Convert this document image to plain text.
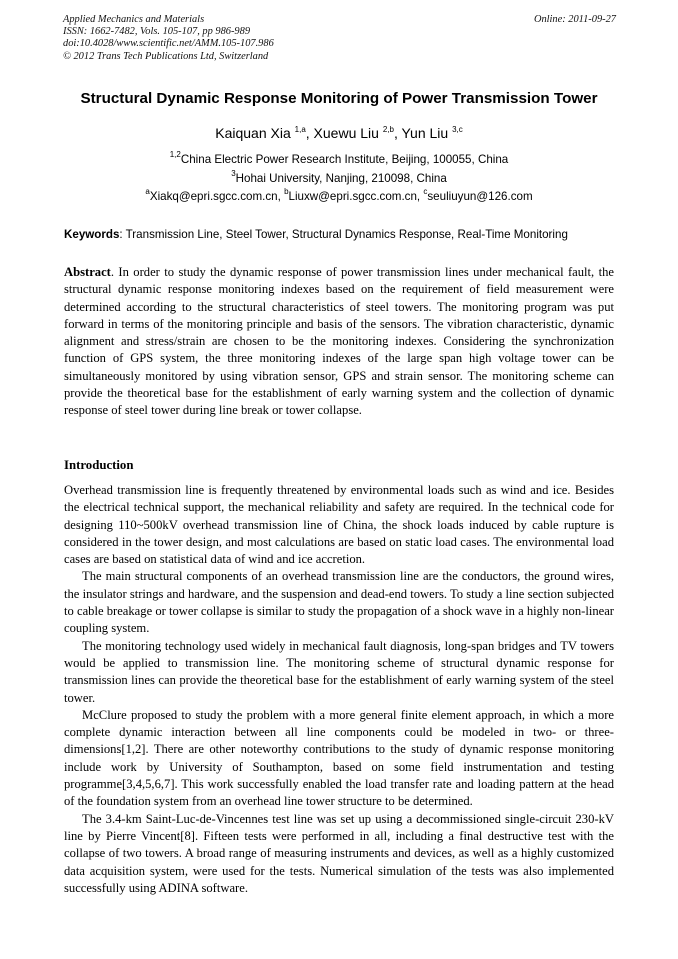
Applied Mechanics and Materials
ISSN: 1662-7482, Vols. 105-107, pp 986-989
doi:10.4028/www.scientific.net/AMM.105-107.986
© 2012 Trans Tech Publications Ltd, Switzerland
Online: 2011-09-27
Structural Dynamic Response Monitoring of Power Transmission Tower
Kaiquan Xia $^{1,a}$, Xuewu Liu $^{2,b}$, Yun Liu $^{3,c}$
$^{1,2}$China Electric Power Research Institute, Beijing, 100055, China
$^3$Hohai University, Nanjing, 210098, China
$^a$Xiakq@epri.sgcc.com.cn, $^b$Liuxw@epri.sgcc.com.cn, $^c$seuliuyun@126.com
Keywords: Transmission Line, Steel Tower, Structural Dynamics Response, Real-Time Monitoring
Abstract. In order to study the dynamic response of power transmission lines under mechanical fault, the structural dynamic response monitoring indexes based on the requirement of field measurement were determined according to the structural characteristics of steel towers. The monitoring program was put forward in terms of the monitoring principle and basis of the sensors. The vibration characteristic, dynamic alignment and stress/strain are chosen to be the monitoring indexes. Considering the synchronization function of GPS system, the three monitoring indexes of the large span high voltage tower can be simultaneously monitored by using vibration sensor, GPS and strain sensor. The monitoring scheme can provide the theoretical base for the establishment of early warning system and the collection of dynamic response of steel tower during line break or tower collapse.
Introduction

Overhead transmission line is frequently threatened by environmental loads such as wind and ice. Besides the electrical technical support, the mechanical reliability and safety are required. In the technical code for designing 110~500kV overhead transmission line of China, the shock loads induced by cable rupture is considered in the tower design, and most calculations are based on static load cases. The environmental load cases are based on statistical data of wind and ice accretion.

The main structural components of an overhead transmission line are the conductors, the ground wires, the insulator strings and hardware, and the suspension and dead-end towers. To study a line section subjected to cable breakage or tower collapse is similar to study the propagation of a shock wave in a highly non-linear coupling system.

The monitoring technology used widely in mechanical fault diagnosis, long-span bridges and TV towers would be applied to transmission line. The monitoring scheme of structural dynamic response for transmission lines can provide the theoretical base for the establishment of early warning system of the steel tower.

McClure proposed to study the problem with a more general finite element approach, in which a more complete dynamic interaction between all line components could be modeled in two- or three-dimensions[1,2]. There are other noteworthy contributions to the study of dynamic response monitoring include work by University of Southampton, based on some field instrumentation and testing programme[3,4,5,6,7]. This work successfully enabled the load transfer rate and loading pattern at the head of the foundation system from an overhead line tower structure to be determined.

The 3.4-km Saint-Luc-de-Vincennes test line was set up using a decommissioned single-circuit 230-kV line by Pierre Vincent[8]. Fifteen tests were performed in all, including a final destructive test with the collapse of two towers. A broad range of measuring instruments and devices, as well as a highly customized data acquisition system, were used for the tests. Numerical simulation of the tests was also implemented successfully using ADINA software.
